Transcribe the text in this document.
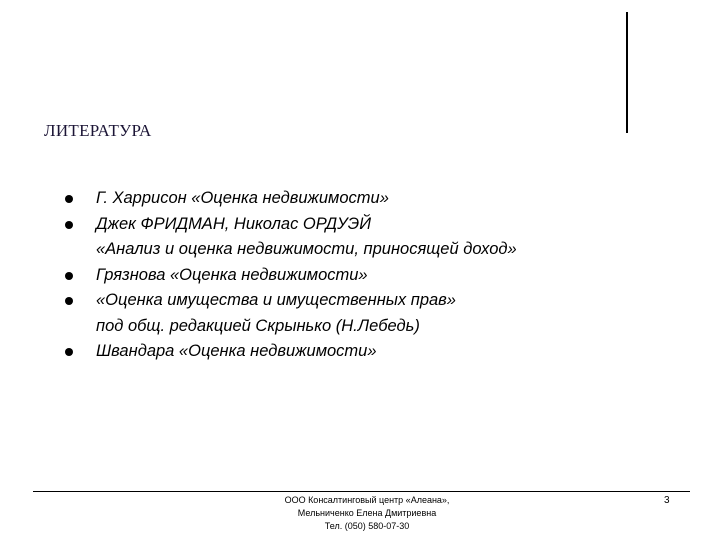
ЛИТЕРАТУРА
Г. Харрисон «Оценка недвижимости»
Джек ФРИДМАН, Николас ОРДУЭЙ
«Анализ и оценка недвижимости, приносящей доход»
Грязнова «Оценка недвижимости»
«Оценка имущества и имущественных прав»
под общ. редакцией Скрынько (Н.Лебедь)
Швандара «Оценка недвижимости»
ООО Консалтинговый центр «Алеана»,
Мельниченко Елена Дмитриевна
Тел. (050) 580-07-30
3
